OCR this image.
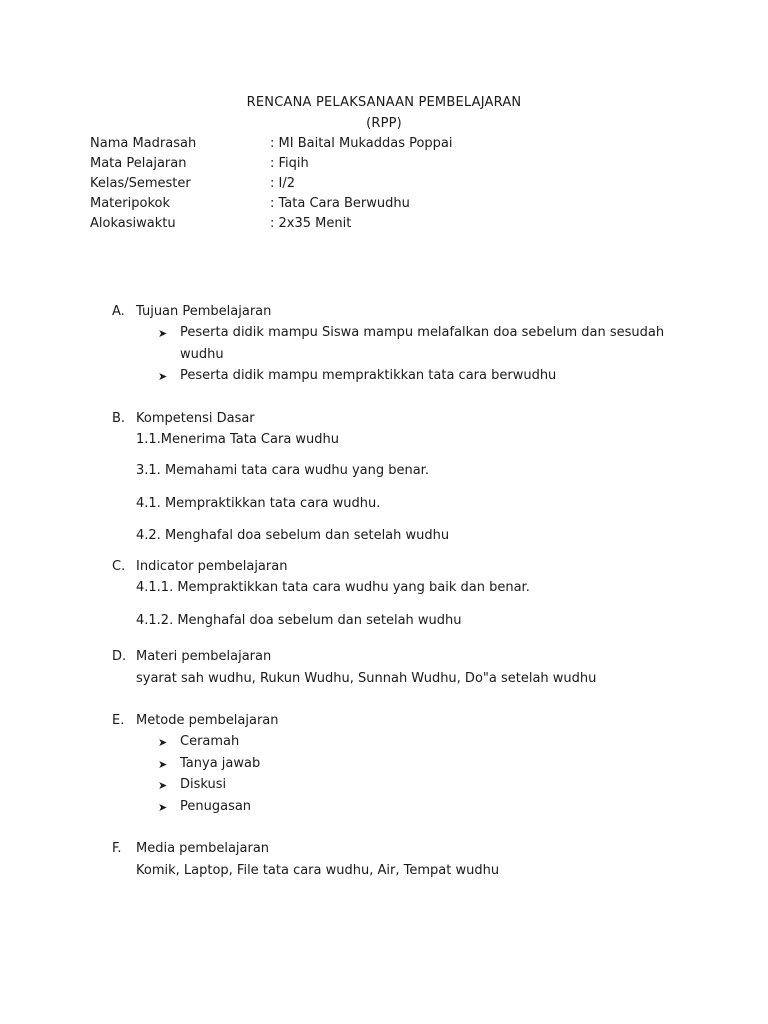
RENCANA PELAKSANAAN PEMBELAJARAN
(RPP)
Nama Madrasah	: MI Baital Mukaddas Poppai
Mata Pelajaran	: Fiqih
Kelas/Semester	: I/2
Materipokok	: Tata Cara Berwudhu
Alokasiwaktu	: 2x35 Menit
A. Tujuan Pembelajaran
➤ Peserta didik mampu Siswa mampu melafalkan doa sebelum dan sesudah
wudhu
➤ Peserta didik mampu mempraktikkan tata cara berwudhu
B. Kompetensi Dasar
1.1.Menerima Tata Cara wudhu
3.1. Memahami tata cara wudhu yang benar.
4.1. Mempraktikkan tata cara wudhu.
4.2. Menghafal doa sebelum dan setelah wudhu
C. Indicator pembelajaran
4.1.1. Mempraktikkan tata cara wudhu yang baik dan benar.
4.1.2. Menghafal doa sebelum dan setelah wudhu
D. Materi pembelajaran
syarat sah wudhu, Rukun Wudhu, Sunnah Wudhu, Do"a setelah wudhu
E. Metode pembelajaran
➤ Ceramah
➤ Tanya jawab
➤ Diskusi
➤ Penugasan
F. Media pembelajaran
Komik, Laptop, File tata cara wudhu, Air, Tempat wudhu
